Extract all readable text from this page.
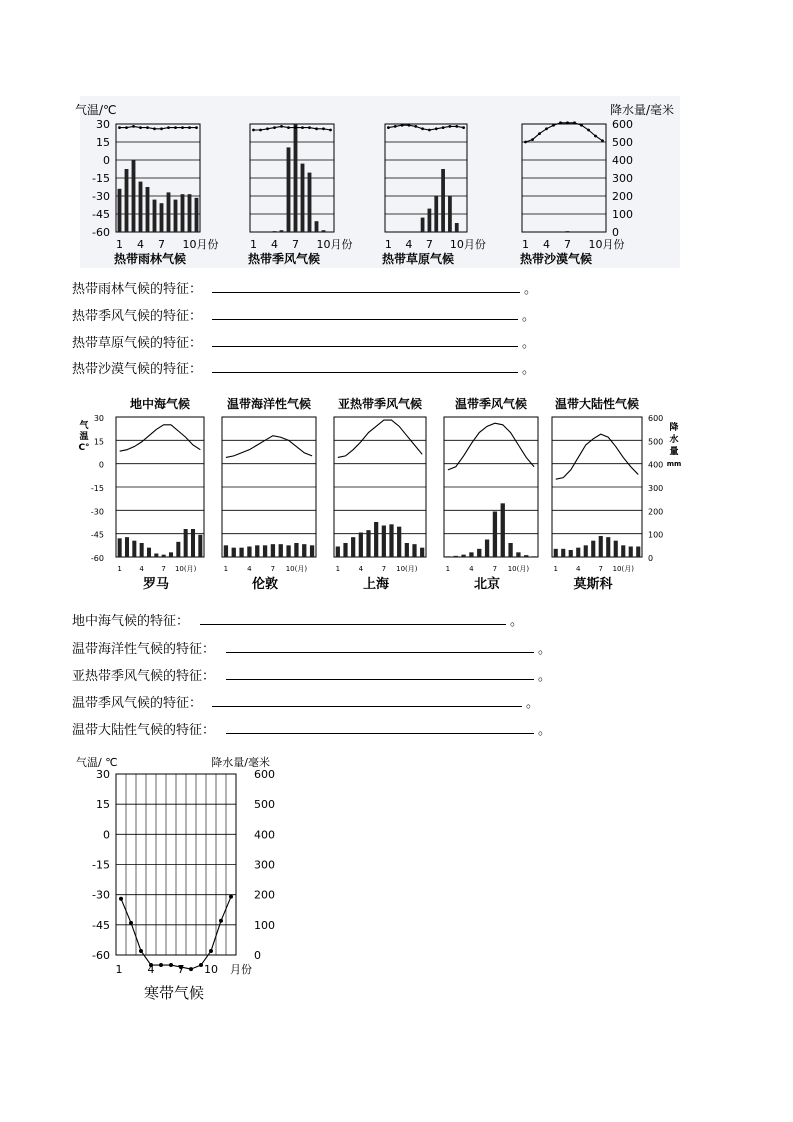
气温/℃	降水量/毫米
30
15
0
-15
-30
-45
-60
600
500
400
300
200
100
0
1 4 7 10月份
热带雨林气候
1 4 7 10月份
热带季风气候
1 4 7 10月份
热带草原气候
1 4 7 10月份
热带沙漠气候
气
温
C°
降
水
量
mm
30
15
0
-15
-30
-45
-60
600
500
400
300
200
100
0
1	4	7 10(月)
地中海气候
罗马
1	4	7 10(月)
温带海洋性气候
伦敦
1	4	7 10(月)
亚热带季风气候
上海
1	4	7 10(月)
温带季风气候
北京
1	4	7 10(月)
温带大陆性气候
莫斯科
气温/ ℃	降水量/毫米
30
15
0
-15
-30
-45
-60
600
500
400
300
200
100
0
1 4 7 10 月份
寒带气候
热带雨林气候的特征：	。
热带季风气候的特征：	。
热带草原气候的特征：	。
热带沙漠气候的特征：	。
地中海气候的特征：	。
温带海洋性气候的特征：	。
亚热带季风气候的特征：	。
温带季风气候的特征：	。
温带大陆性气候的特征：	。
